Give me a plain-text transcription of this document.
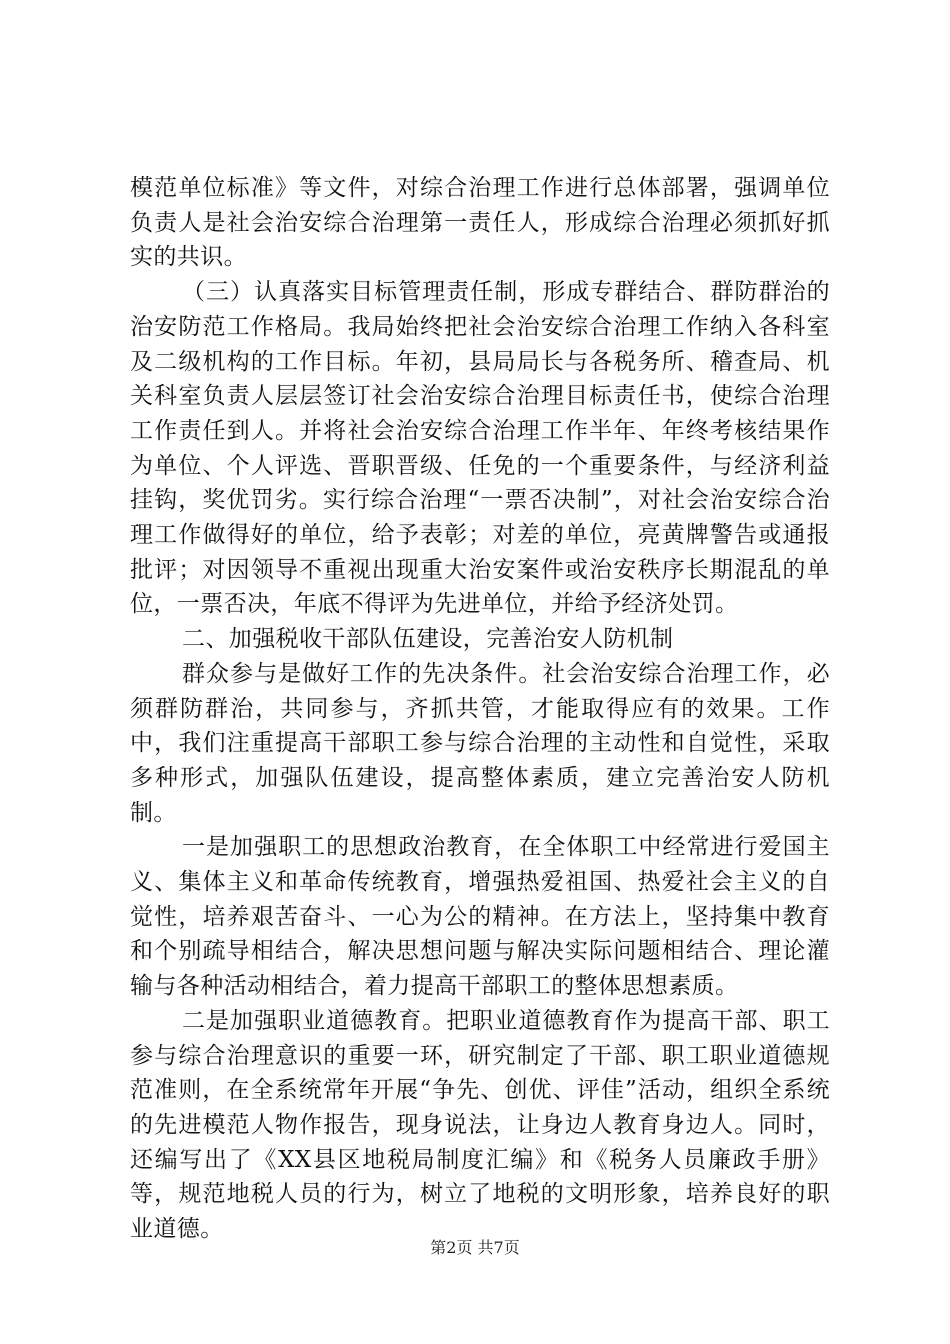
模范单位标准》等文件，对综合治理工作进行总体部署，强调单位负责人是社会治安综合治理第一责任人，形成综合治理必须抓好抓实的共识。

（三）认真落实目标管理责任制，形成专群结合、群防群治的治安防范工作格局。我局始终把社会治安综合治理工作纳入各科室及二级机构的工作目标。年初，县局局长与各税务所、稽查局、机关科室负责人层层签订社会治安综合治理目标责任书，使综合治理工作责任到人。并将社会治安综合治理工作半年、年终考核结果作为单位、个人评选、晋职晋级、任免的一个重要条件，与经济利益挂钩，奖优罚劣。实行综合治理“一票否决制”，对社会治安综合治理工作做得好的单位，给予表彰；对差的单位，亮黄牌警告或通报批评；对因领导不重视出现重大治安案件或治安秩序长期混乱的单位，一票否决，年底不得评为先进单位，并给予经济处罚。

二、加强税收干部队伍建设，完善治安人防机制

群众参与是做好工作的先决条件。社会治安综合治理工作，必须群防群治，共同参与，齐抓共管，才能取得应有的效果。工作中，我们注重提高干部职工参与综合治理的主动性和自觉性，采取多种形式，加强队伍建设，提高整体素质，建立完善治安人防机制。

一是加强职工的思想政治教育，在全体职工中经常进行爱国主义、集体主义和革命传统教育，增强热爱祖国、热爱社会主义的自觉性，培养艰苦奋斗、一心为公的精神。在方法上，坚持集中教育和个别疏导相结合，解决思想问题与解决实际问题相结合、理论灌输与各种活动相结合，着力提高干部职工的整体思想素质。

二是加强职业道德教育。把职业道德教育作为提高干部、职工参与综合治理意识的重要一环，研究制定了干部、职工职业道德规范准则，在全系统常年开展“争先、创优、评佳”活动，组织全系统的先进模范人物作报告，现身说法，让身边人教育身边人。同时，还编写出了《XX县区地税局制度汇编》和《税务人员廉政手册》等，规范地税人员的行为，树立了地税的文明形象，培养良好的职业道德。

第2页 共7页
